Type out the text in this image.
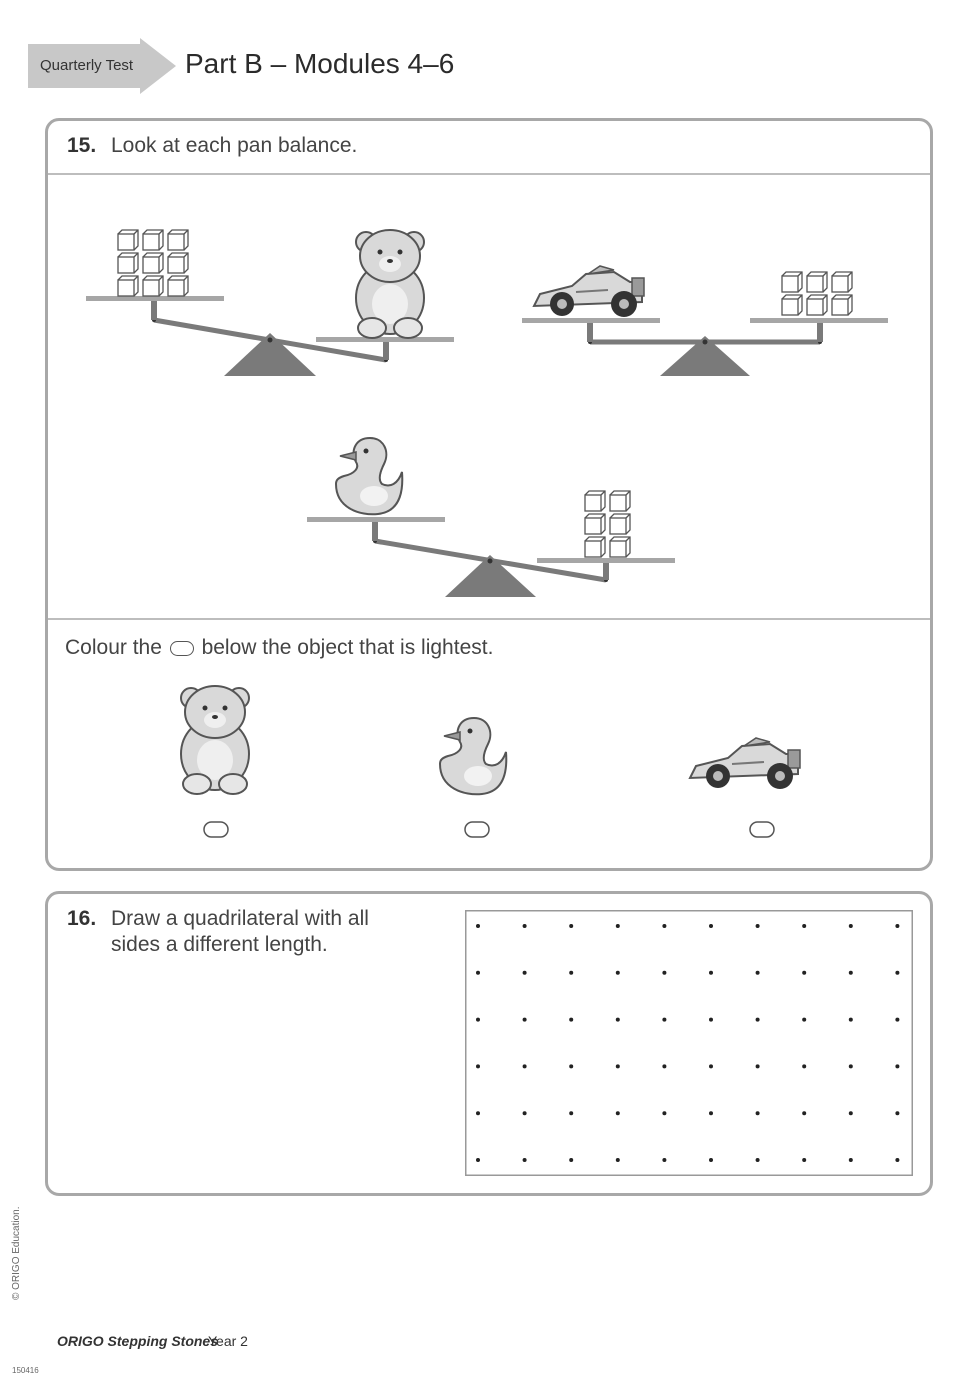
Quarterly Test Part B – Modules 4–6
15. Look at each pan balance.
Colour the below the object that is lightest.
16. Draw a quadrilateral with all
sides a different length.
© ORIGO Education.
ORIGO Stepping Stones
Year 2
150416
